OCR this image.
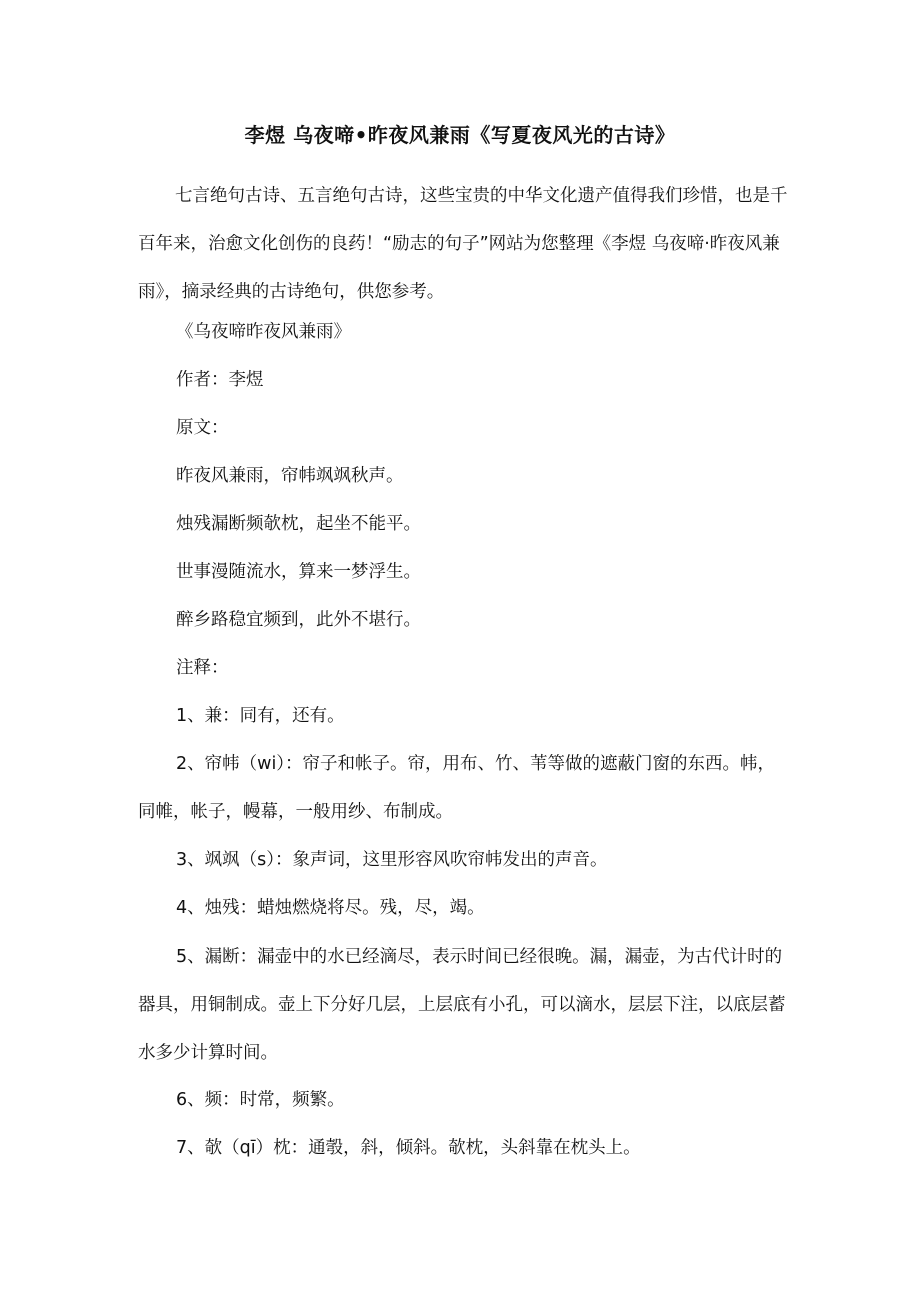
李煜 乌夜啼•昨夜风兼雨《写夏夜风光的古诗》

七言绝句古诗、五言绝句古诗，这些宝贵的中华文化遗产值得我们珍惜，也是千百年来，治愈文化创伤的良药！“励志的句子”网站为您整理《李煜 乌夜啼·昨夜风兼雨》，摘录经典的古诗绝句，供您参考。

《乌夜啼昨夜风兼雨》

作者：李煜

原文：

昨夜风兼雨，帘帏飒飒秋声。

烛残漏断频欹枕，起坐不能平。

世事漫随流水，算来一梦浮生。

醉乡路稳宜频到，此外不堪行。

注释：

1、兼：同有，还有。

2、帘帏（wi）：帘子和帐子。帘，用布、竹、苇等做的遮蔽门窗的东西。帏，同帷，帐子，幔幕，一般用纱、布制成。

3、飒飒（s）：象声词，这里形容风吹帘帏发出的声音。

4、烛残：蜡烛燃烧将尽。残，尽，竭。

5、漏断：漏壶中的水已经滴尽，表示时间已经很晚。漏，漏壶，为古代计时的器具，用铜制成。壶上下分好几层，上层底有小孔，可以滴水，层层下注，以底层蓄水多少计算时间。

6、频：时常，频繁。

7、欹（qī）枕：通彀，斜，倾斜。欹枕，头斜靠在枕头上。
